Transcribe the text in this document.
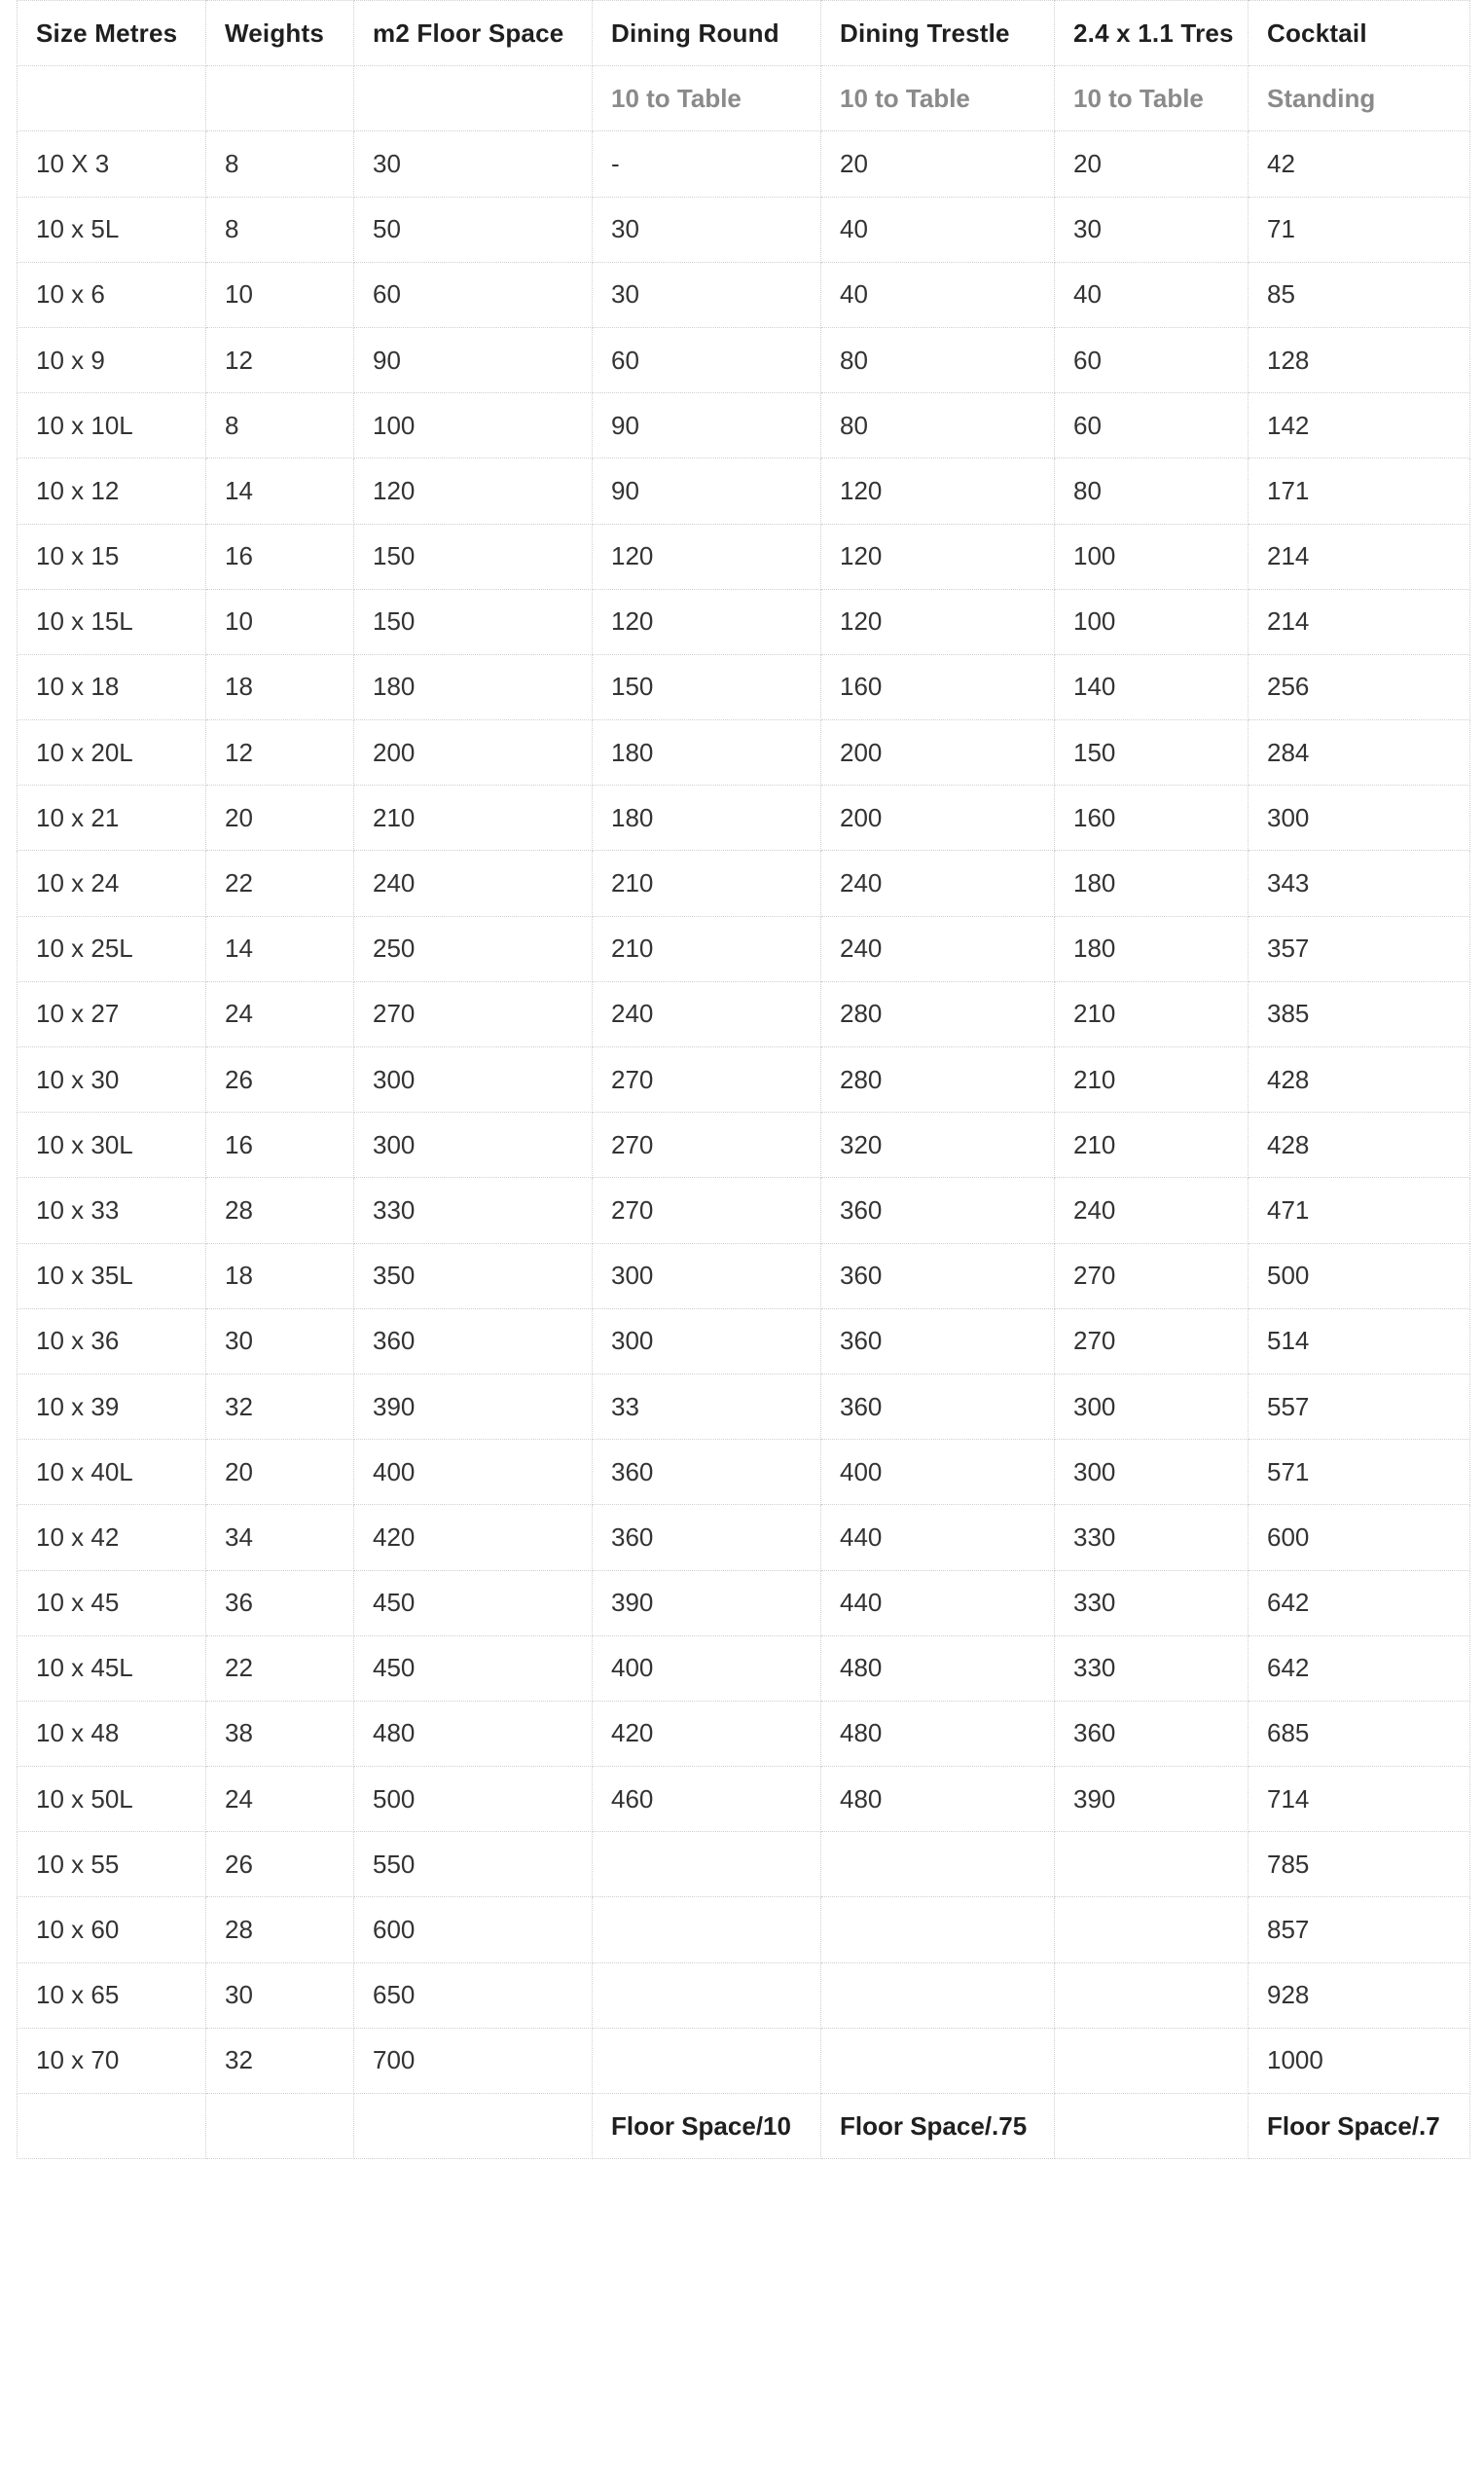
Size Metres	Weights	m2 Floor Space	Dining Round	Dining Trestle	2.4 x 1.1 Tres	Cocktail
			10 to Table	10 to Table	10 to Table	Standing
10 X 3	8	30	-	20	20	42
10 x 5L	8	50	30	40	30	71
10 x 6	10	60	30	40	40	85
10 x 9	12	90	60	80	60	128
10 x 10L	8	100	90	80	60	142
10 x 12	14	120	90	120	80	171
10 x 15	16	150	120	120	100	214
10 x 15L	10	150	120	120	100	214
10 x 18	18	180	150	160	140	256
10 x 20L	12	200	180	200	150	284
10 x 21	20	210	180	200	160	300
10 x 24	22	240	210	240	180	343
10 x 25L	14	250	210	240	180	357
10 x 27	24	270	240	280	210	385
10 x 30	26	300	270	280	210	428
10 x 30L	16	300	270	320	210	428
10 x 33	28	330	270	360	240	471
10 x 35L	18	350	300	360	270	500
10 x 36	30	360	300	360	270	514
10 x 39	32	390	33	360	300	557
10 x 40L	20	400	360	400	300	571
10 x 42	34	420	360	440	330	600
10 x 45	36	450	390	440	330	642
10 x 45L	22	450	400	480	330	642
10 x 48	38	480	420	480	360	685
10 x 50L	24	500	460	480	390	714
10 x 55	26	550				785
10 x 60	28	600				857
10 x 65	30	650				928
10 x 70	32	700				1000
			Floor Space/10	Floor Space/.75		Floor Space/.7
